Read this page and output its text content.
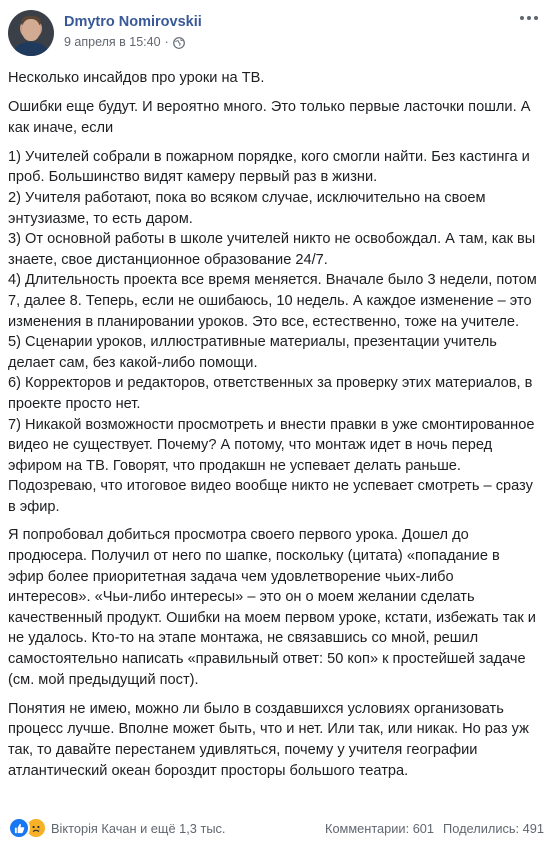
Dmytro Nomirovskii
9 апреля в 15:40 ·

Несколько инсайдов про уроки на ТВ.

Ошибки еще будут. И вероятно много. Это только первые ласточки пошли. А как иначе, если

1) Учителей собрали в пожарном порядке, кого смогли найти. Без кастинга и проб. Большинство видят камеру первый раз в жизни.
2) Учителя работают, пока во всяком случае, исключительно на своем энтузиазме, то есть даром.
3) От основной работы в школе учителей никто не освобождал. А там, как вы знаете, свое дистанционное образование 24/7.
4) Длительность проекта все время меняется. Вначале было 3 недели, потом 7, далее 8. Теперь, если не ошибаюсь, 10 недель. А каждое изменение – это изменения в планировании уроков. Это все, естественно, тоже на учителе.
5) Сценарии уроков, иллюстративные материалы, презентации учитель делает сам, без какой-либо помощи.
6) Корректоров и редакторов, ответственных за проверку этих материалов, в проекте просто нет.
7) Никакой возможности просмотреть и внести правки в уже смонтированное видео не существует. Почему? А потому, что монтаж идет в ночь перед эфиром на ТВ. Говорят, что продакшн не успевает делать раньше. Подозреваю, что итоговое видео вообще никто не успевает смотреть – сразу в эфир.

Я попробовал добиться просмотра своего первого урока. Дошел до продюсера. Получил от него по шапке, поскольку (цитата) «попадание в эфир более приоритетная задача чем удовлетворение чьих-либо интересов». «Чьи-либо интересы» – это он о моем желании сделать качественный продукт. Ошибки на моем первом уроке, кстати, избежать так и не удалось. Кто-то на этапе монтажа, не связавшись со мной, решил самостоятельно написать «правильный ответ: 50 коп» к простейшей задаче (см. мой предыдущий пост).

Понятия не имею, можно ли было в создавшихся условиях организовать процесс лучше. Вполне может быть, что и нет. Или так, или никак. Но раз уж так, то давайте перестанем удивляться, почему у учителя географии атлантический океан бороздит просторы большого театра.

Вікторія Качан и ещё 1,3 тыс.	Комментарии: 601 Поделились: 491
